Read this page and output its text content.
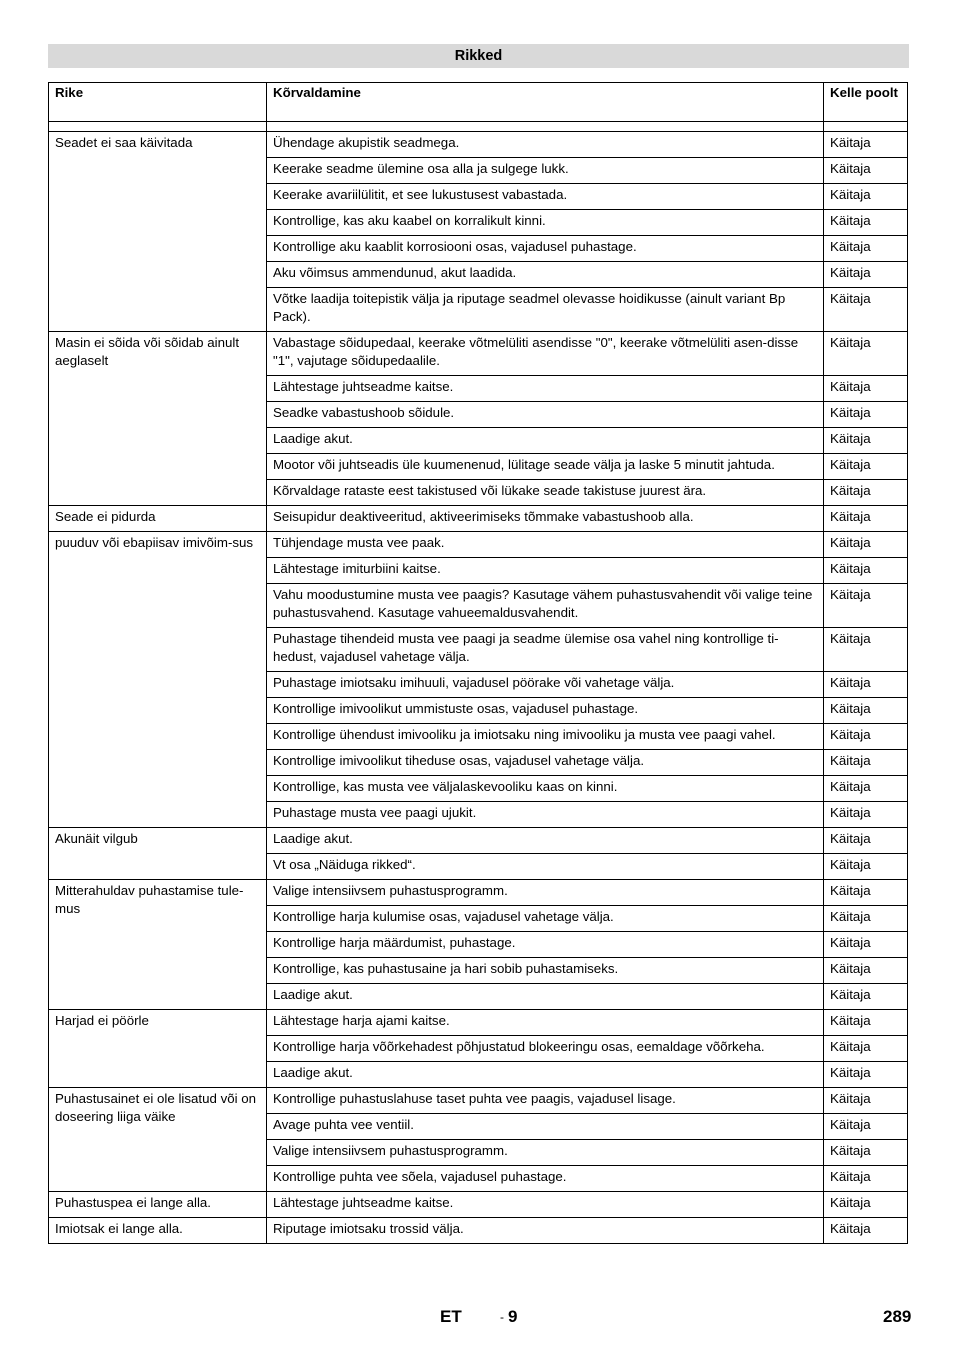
Rikked
Rike	Kõrvaldamine	Kelle poolt

Seadet ei saa käivitada	Ühendage akupistik seadmega.	Käitaja
	Keerake seadme ülemine osa alla ja sulgege lukk.	Käitaja
	Keerake avariilülitit, et see lukustusest vabastada.	Käitaja
	Kontrollige, kas aku kaabel on korralikult kinni.	Käitaja
	Kontrollige aku kaablit korrosiooni osas, vajadusel puhastage.	Käitaja
	Aku võimsus ammendunud, akut laadida.	Käitaja
	Võtke laadija toitepistik välja ja riputage seadmel olevasse hoidikusse (ainult variant Bp Pack).	Käitaja
Masin ei sõida või sõidab ainult aeglaselt	Vabastage sõidupedaal, keerake võtmelüliti asendisse "0", keerake võtmelüliti asen-disse "1", vajutage sõidupedaalile.	Käitaja
	Lähtestage juhtseadme kaitse.	Käitaja
	Seadke vabastushoob sõidule.	Käitaja
	Laadige akut.	Käitaja
	Mootor või juhtseadis üle kuumenenud, lülitage seade välja ja laske 5 minutit jahtuda.	Käitaja
	Kõrvaldage rataste eest takistused või lükake seade takistuse juurest ära.	Käitaja
Seade ei pidurda	Seisupidur deaktiveeritud, aktiveerimiseks tõmmake vabastushoob alla.	Käitaja
puuduv või ebapiisav imivõim-sus	Tühjendage musta vee paak.	Käitaja
	Lähtestage imiturbiini kaitse.	Käitaja
	Vahu moodustumine musta vee paagis? Kasutage vähem puhastusvahendit või valige teine puhastusvahend. Kasutage vahueemaldusvahendit.	Käitaja
	Puhastage tihendeid musta vee paagi ja seadme ülemise osa vahel ning kontrollige ti-hedust, vajadusel vahetage välja.	Käitaja
	Puhastage imiotsaku imihuuli, vajadusel pöörake või vahetage välja.	Käitaja
	Kontrollige imivoolikut ummistuste osas, vajadusel puhastage.	Käitaja
	Kontrollige ühendust imivooliku ja imiotsaku ning imivooliku ja musta vee paagi vahel.	Käitaja
	Kontrollige imivoolikut tiheduse osas, vajadusel vahetage välja.	Käitaja
	Kontrollige, kas musta vee väljalaskevooliku kaas on kinni.	Käitaja
	Puhastage musta vee paagi ujukit.	Käitaja
Akunäit vilgub	Laadige akut.	Käitaja
	Vt osa „Näiduga rikked“.	Käitaja
Mitterahuldav puhastamise tule-mus	Valige intensiivsem puhastusprogramm.	Käitaja
	Kontrollige harja kulumise osas, vajadusel vahetage välja.	Käitaja
	Kontrollige harja määrdumist, puhastage.	Käitaja
	Kontrollige, kas puhastusaine ja hari sobib puhastamiseks.	Käitaja
	Laadige akut.	Käitaja
Harjad ei pöörle	Lähtestage harja ajami kaitse.	Käitaja
	Kontrollige harja võõrkehadest põhjustatud blokeeringu osas, eemaldage võõrkeha.	Käitaja
	Laadige akut.	Käitaja
Puhastusainet ei ole lisatud või on doseering liiga väike	Kontrollige puhastuslahuse taset puhta vee paagis, vajadusel lisage.	Käitaja
	Avage puhta vee ventiil.	Käitaja
	Valige intensiivsem puhastusprogramm.	Käitaja
	Kontrollige puhta vee sõela, vajadusel puhastage.	Käitaja
Puhastuspea ei lange alla.	Lähtestage juhtseadme kaitse.	Käitaja
Imiotsak ei lange alla.	Riputage imiotsaku trossid välja.	Käitaja
ET	- 9	289
